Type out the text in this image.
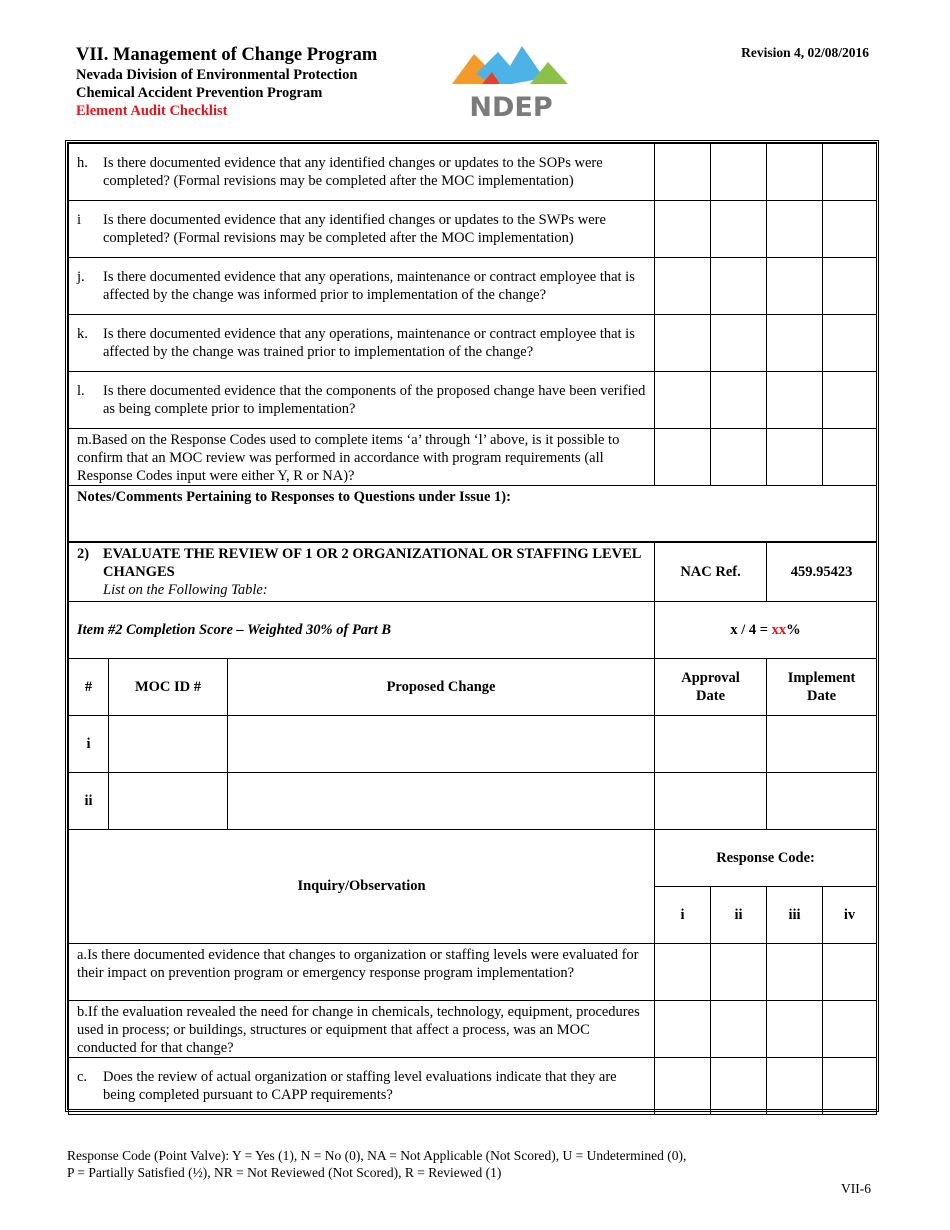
VII. Management of Change Program
Nevada Division of Environmental Protection
Chemical Accident Prevention Program
Element Audit Checklist	NDEP
Revision 4, 02/08/2016
h. Is there documented evidence that any identified changes or updates to the SOPs were completed? (Formal revisions may be completed after the MOC implementation)						

i Is there documented evidence that any identified changes or updates to the SWPs were completed? (Formal revisions may be completed after the MOC implementation)						

j. Is there documented evidence that any operations, maintenance or contract employee that is affected by the change was informed prior to implementation of the change?						

k. Is there documented evidence that any operations, maintenance or contract employee that is affected by the change was trained prior to implementation of the change?						

l. Is there documented evidence that the components of the proposed change have been verified as being complete prior to implementation?						

m.Based on the Response Codes used to complete items ‘a’ through ‘l’ above, is it possible to confirm that an MOC review was performed in accordance with program requirements (all Response Codes input were either Y, R or NA)?						

Notes/Comments Pertaining to Responses to Questions under Issue 1):						

2) EVALUATE THE REVIEW OF 1 OR 2 ORGANIZATIONAL OR STAFFING LEVEL CHANGES
List on the Following Table:			NAC Ref.		459.95423	
Item #2 Completion Score – Weighted 30% of Part B			x / 4 = xx%			
#	MOC ID #	Proposed Change	Approval Date		Implement Date	
i						
ii						
Inquiry/Observation			Response Code:			
			i	ii	iii	iv

a.Is there documented evidence that changes to organization or staffing levels were evaluated for their impact on prevention program or emergency response program implementation?						

b.If the evaluation revealed the need for change in chemicals, technology, equipment, procedures used in process; or buildings, structures or equipment that affect a process, was an MOC conducted for that change?						

c. Does the review of actual organization or staffing level evaluations indicate that they are being completed pursuant to CAPP requirements?						

Response Code (Point Valve): Y = Yes (1), N = No (0), NA = Not Applicable (Not Scored), U = Undetermined (0),
P = Partially Satisfied (½), NR = Not Reviewed (Not Scored), R = Reviewed (1)
VII-6
